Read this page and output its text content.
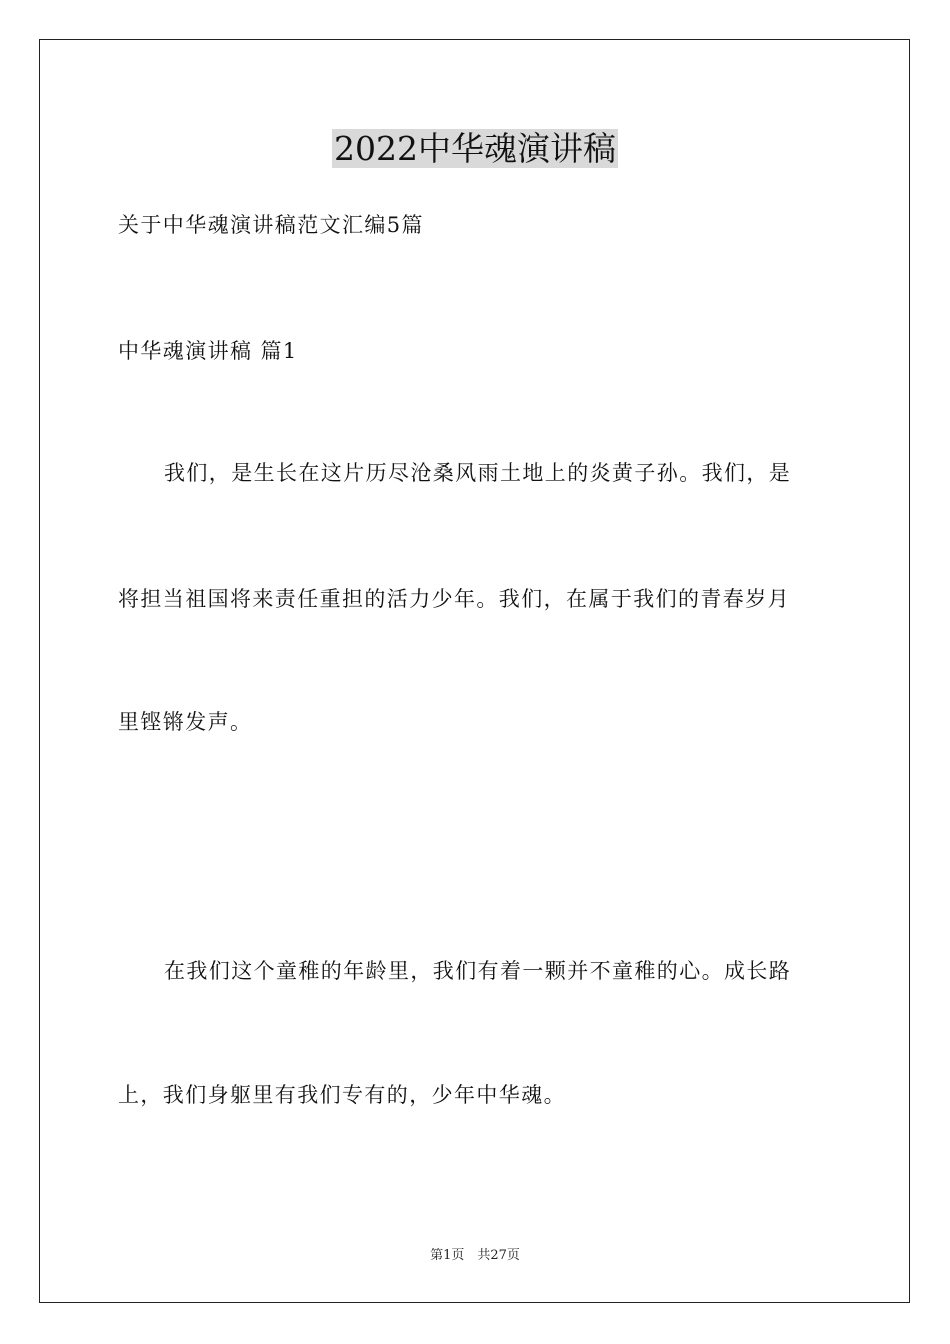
2022中华魂演讲稿
关于中华魂演讲稿范文汇编5篇
中华魂演讲稿 篇1
我们，是生长在这片历尽沧桑风雨土地上的炎黄子孙。我们，是
将担当祖国将来责任重担的活力少年。我们，在属于我们的青春岁月
里铿锵发声。
在我们这个童稚的年龄里，我们有着一颗并不童稚的心。成长路
上，我们身躯里有我们专有的，少年中华魂。
第1页　共27页
